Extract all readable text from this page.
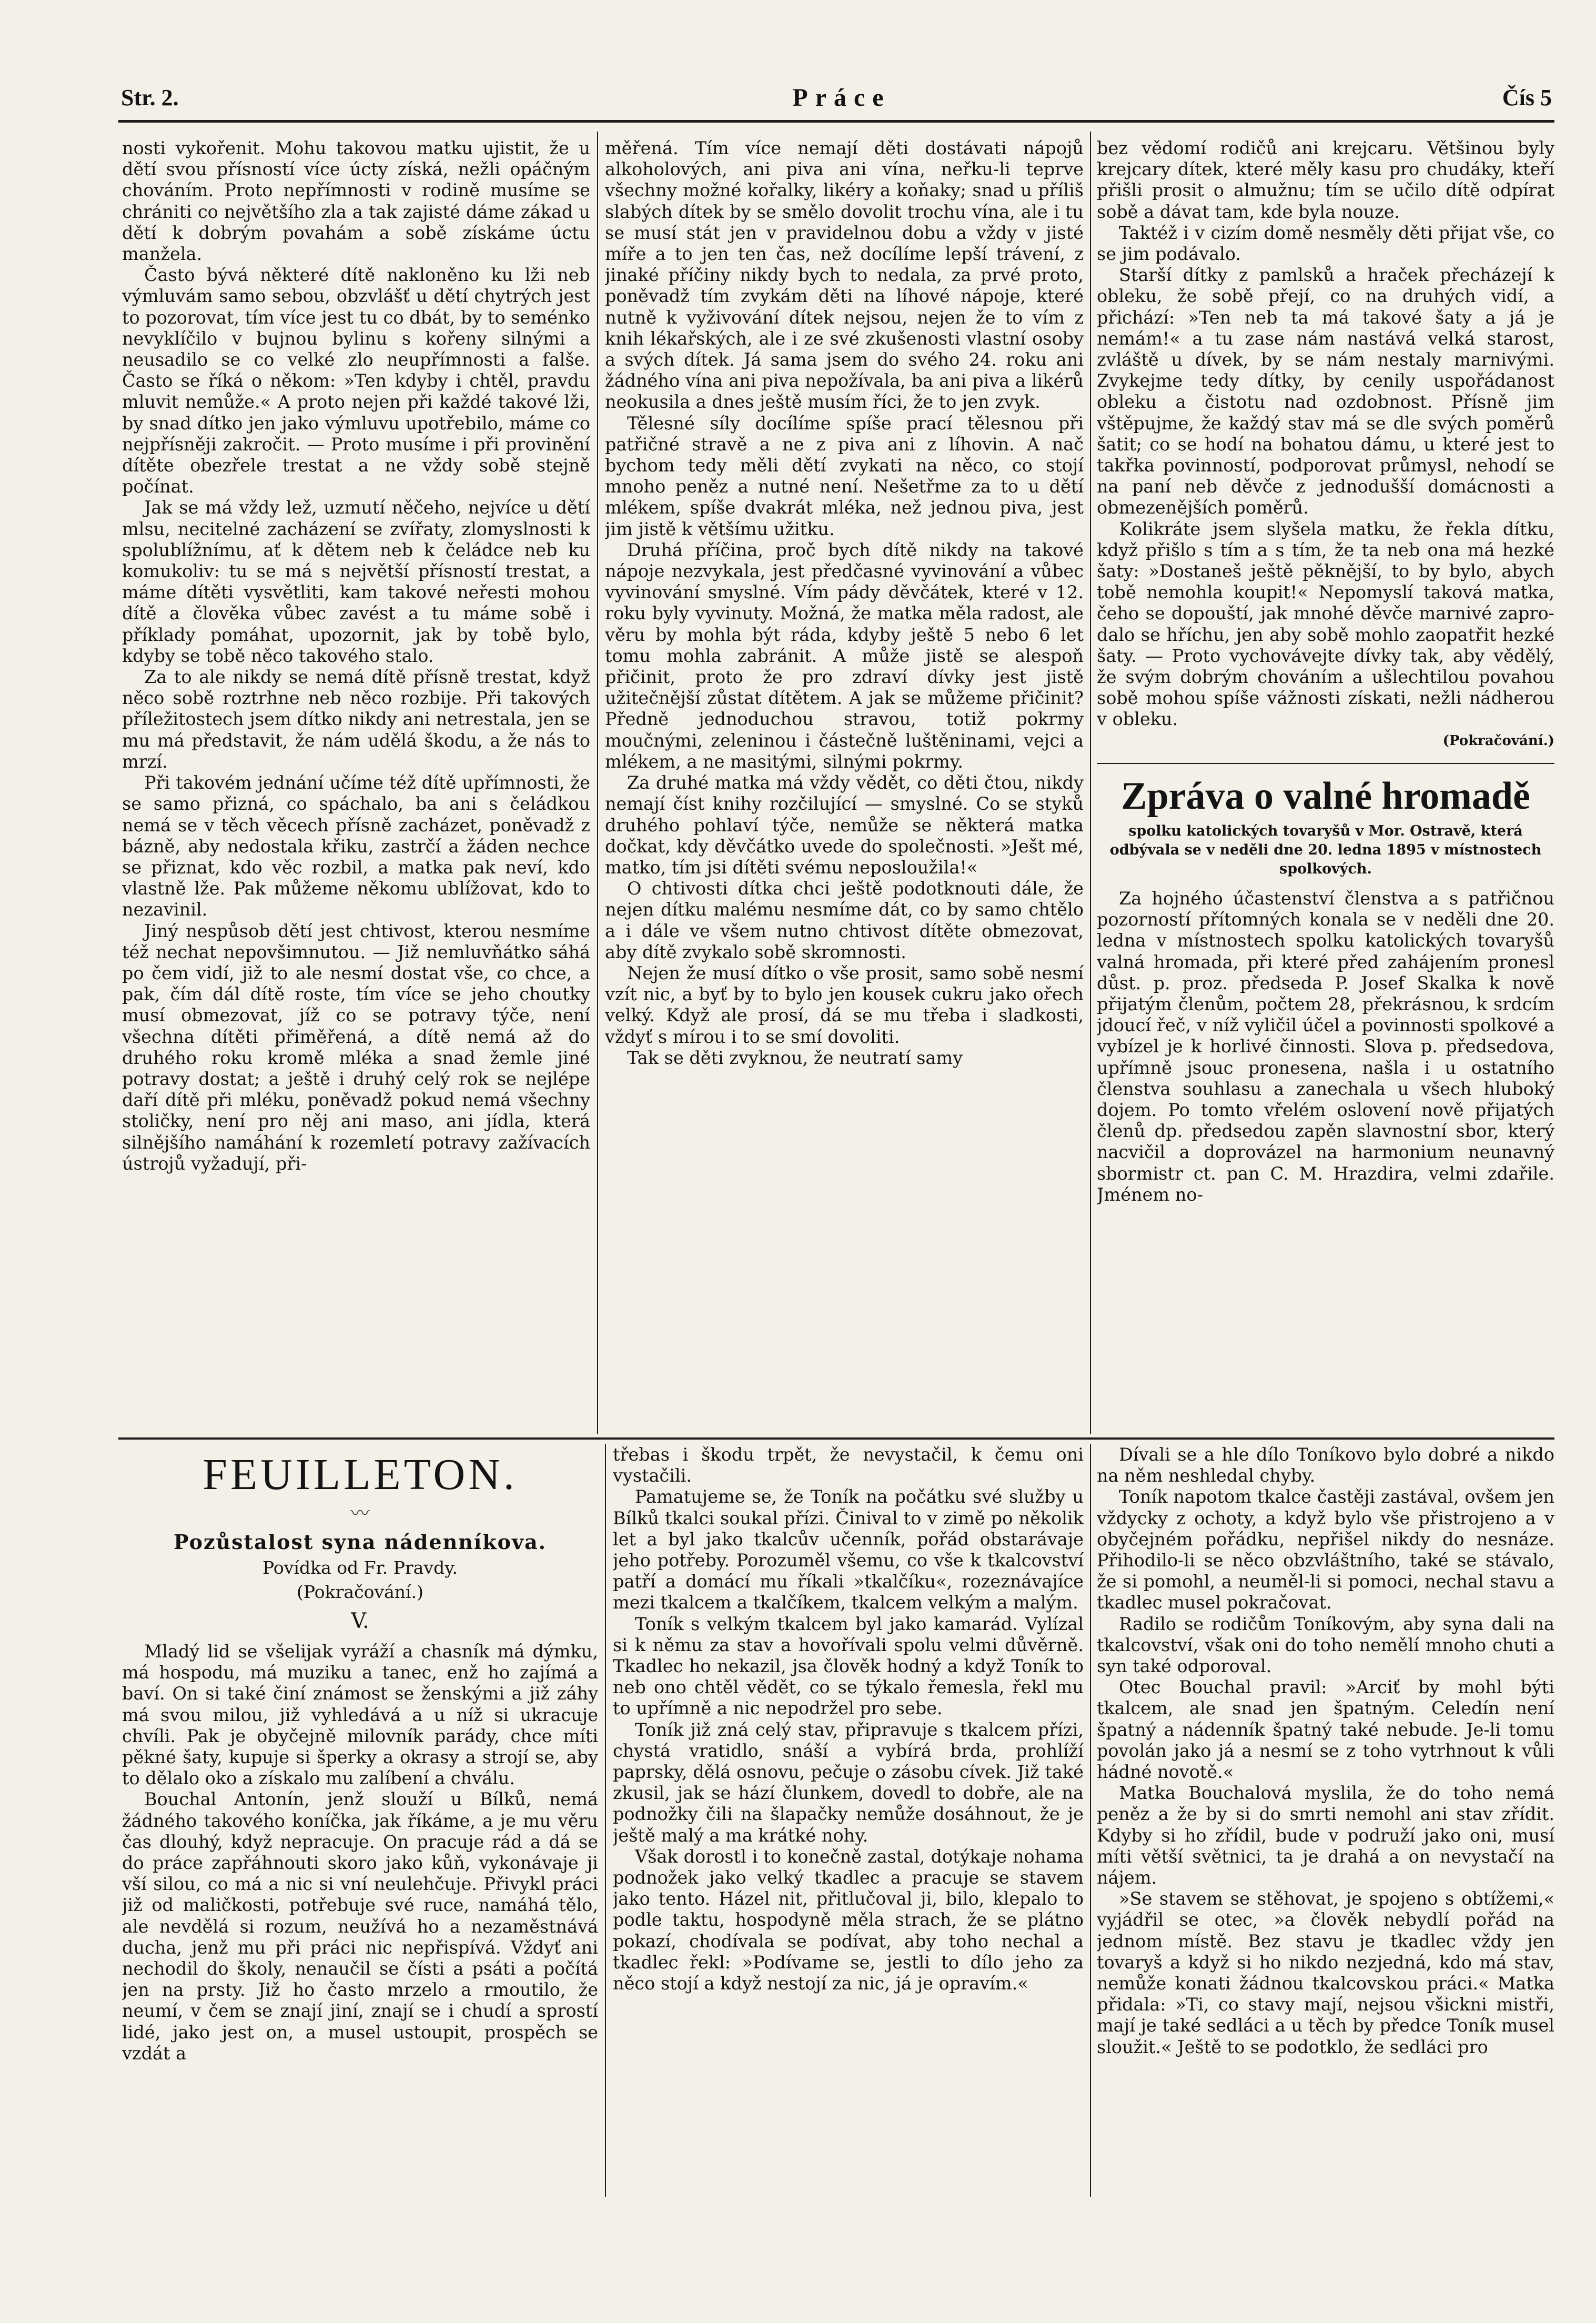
Str. 2.	Práce	Čís 5

nosti vykořenit. Mohu takovou matku ujistit, že u dětí svou přísností více úcty získá, nežli opáčným chováním. Proto nepřímnosti v rodině musíme se chrániti co největšího zla a tak zajisté dáme zákad u dětí k dobrým povahám a sobě získáme úctu manžela.

Často bývá některé dítě nakloněno ku lži neb výmluvám samo sebou, obzvlášť u dětí chytrých jest to pozorovat, tím více jest tu co dbát, by to seménko nevyklíčilo v bujnou bylinu s kořeny silnými a neusadilo se co velké zlo neupřímnosti a falše. Často se říká o někom: »Ten kdyby i chtěl, pravdu mluvit nemůže.« A proto nejen při každé takové lži, by snad dítko jen jako výmluvu upotřebilo, máme co nejpřísněji zakročit. — Proto musíme i při provinění dítěte obezřele trestat a ne vždy sobě stejně počínat.

Jak se má vždy lež, uzmutí něčeho, nejvíce u dětí mlsu, necitelné zacházení se zvířaty, zlomyslnosti k spolublížnímu, ať k dětem neb k čeládce neb ku komukoliv: tu se má s největší přísností trestat, a máme dítěti vysvětliti, kam takové neřesti mohou dítě a člověka vůbec zavést a tu máme sobě i příklady pomáhat, upozornit, jak by tobě bylo, kdyby se tobě něco takového stalo.

Za to ale nikdy se nemá dítě přísně trestat, když něco sobě roztrhne neb něco rozbije. Při takových příležitostech jsem dítko nikdy ani netrestala, jen se mu má představit, že nám udělá škodu, a že nás to mrzí.

Při takovém jednání učíme též dítě upřímnosti, že se samo přizná, co spáchalo, ba ani s čeládkou nemá se v těch věcech přísně zacházet, poněvadž z bázně, aby nedostala křiku, zastrčí a žáden nechce se přiznat, kdo věc rozbil, a matka pak neví, kdo vlastně lže. Pak můžeme někomu ublížovat, kdo to nezavinil.

Jiný nespůsob dětí jest chtivost, kterou nesmíme též nechat nepovšimnutou. — Již nemluvňátko sáhá po čem vidí, již to ale nesmí dostat vše, co chce, a pak, čím dál dítě roste, tím více se jeho choutky musí obmezovat, jíž co se potravy týče, není všechna dítěti přiměřená, a dítě nemá až do druhého roku kromě mléka a snad žemle jiné potravy dostat; a ještě i druhý celý rok se nejlépe daří dítě při mléku, poněvadž pokud nemá všechny stoličky, není pro něj ani maso, ani jídla, která silnějšího namáhání k rozemletí potravy zažívacích ústrojů vyžadují, při-

měřená. Tím více nemají děti dostávati nápojů alkoholových, ani piva ani vína, neřku-li teprve všechny možné kořalky, likéry a koňaky; snad u příliš slabých dítek by se smělo dovolit trochu vína, ale i tu se musí stát jen v pravidelnou dobu a vždy v jisté míře a to jen ten čas, než docílíme lepší trávení, z jinaké příčiny nikdy bych to nedala, za prvé proto, poněvadž tím zvykám děti na líhové nápoje, které nutně k vyživování dítek nejsou, nejen že to vím z knih lékařských, ale i ze své zkušenosti vlastní osoby a svých dítek. Já sama jsem do svého 24. roku ani žádného vína ani piva nepožívala, ba ani piva a likérů neokusila a dnes ještě musím říci, že to jen zvyk.

Tělesné síly docílíme spíše prací tělesnou při patřičné stravě a ne z piva ani z líhovin. A nač bychom tedy měli dětí zvykati na něco, co stojí mnoho peněz a nutné není. Nešetřme za to u dětí mlékem, spíše dvakrát mléka, než jednou piva, jest jim jistě k většímu užitku.

Druhá příčina, proč bych dítě nikdy na takové nápoje nezvykala, jest předčasné vyvinování a vůbec vyvinování smyslné. Vím pády děvčátek, které v 12. roku byly vyvinuty. Možná, že matka měla radost, ale věru by mohla být ráda, kdyby ještě 5 nebo 6 let tomu mohla zabránit. A může jistě se alespoň přičinit, proto že pro zdraví dívky jest jistě užitečnější zůstat dítětem. A jak se můžeme přičinit? Předně jednoduchou stravou, totiž pokrmy moučnými, zeleninou i částečně luštěninami, vejci a mlékem, a ne masitými, silnými pokrmy.

Za druhé matka má vždy vědět, co děti čtou, nikdy nemají číst knihy rozčilující — smyslné. Co se styků druhého pohlaví týče, nemůže se některá matka dočkat, kdy děvčátko uvede do společnosti. »Ješt mé, matko, tím jsi dítěti svému neposloužila!«

O chtivosti dítka chci ještě podotknouti dále, že nejen dítku malému nesmíme dát, co by samo chtělo a i dále ve všem nutno chtivost dítěte obmezovat, aby dítě zvykalo sobě skromnosti.

Nejen že musí dítko o vše prosit, samo sobě nesmí vzít nic, a byť by to bylo jen kousek cukru jako ořech velký. Když ale prosí, dá se mu třeba i sladkosti, vždyť s mírou i to se smí dovoliti.

Tak se děti zvyknou, že neutratí samy

bez vědomí rodičů ani krejcaru. Většinou byly krejcary dítek, které měly kasu pro chudáky, kteří přišli prosit o almužnu; tím se učilo dítě odpírat sobě a dávat tam, kde byla nouze.

Taktéž i v cizím domě nesměly děti přijat vše, co se jim podávalo.

Starší dítky z pamlsků a hraček přecházejí k obleku, že sobě přejí, co na druhých vidí, a přichází: »Ten neb ta má takové šaty a já je nemám!« a tu zase nám nastává velká starost, zvláště u dívek, by se nám nestaly marnivými. Zvykejme tedy dítky, by cenily uspořádanost obleku a čistotu nad ozdobnost. Přísně jim vštěpujme, že každý stav má se dle svých poměrů šatit; co se hodí na bohatou dámu, u které jest to takřka povinností, podporovat průmysl, nehodí se na paní neb děvče z jednodušší domácnosti a obmezenějších poměrů.

Kolikráte jsem slyšela matku, že řekla dítku, když přišlo s tím a s tím, že ta neb ona má hezké šaty: »Dostaneš ještě pěknější, to by bylo, abych tobě nemohla koupit!« Nepomyslí taková matka, čeho se dopouští, jak mnohé děvče marnivé zaprodalo se hříchu, jen aby sobě mohlo zaopatřit hezké šaty. — Proto vychovávejte dívky tak, aby vědělý, že svým dobrým chováním a ušlechtilou povahou sobě mohou spíše vážnosti získati, nežli nádherou v obleku.

(Pokračování.)
Zpráva o valné hromadě
spolku katolických tovaryšů v Mor. Ostravě, která odbývala se v neděli dne 20. ledna 1895 v místnostech spolkových.

Za hojného účastenství členstva a s patřičnou pozorností přítomných konala se v neděli dne 20. ledna v místnostech spolku katolických tovaryšů valná hromada, při které před zahájením pronesl důst. p. proz. předseda P. Josef Skalka k nově přijatým členům, počtem 28, překrásnou, k srdcím jdoucí řeč, v níž vyličil účel a povinnosti spolkové a vybízel je k horlivé činnosti. Slova p. předsedova, upřímně jsouc pronesena, našla i u ostatního členstva souhlasu a zanechala u všech hluboký dojem. Po tomto vřelém oslovení nově přijatých členů dp. předsedou zapěn slavnostní sbor, který nacvičil a doprovázel na harmonium neunavný sbormistr ct. pan C. M. Hrazdira, velmi zdařile. Jménem no-

FEUILLETON.
〰
Pozůstalost syna nádenníkova.
Povídka od Fr. Pravdy.
(Pokračování.)
V.

Mladý lid se všelijak vyráží a chasník má dýmku, má hospodu, má muziku a tanec, enž ho zajímá a baví. On si také činí známost se ženskými a již záhy má svou milou, již vyhledává a u níž si ukracuje chvíli. Pak je obyčejně milovník parády, chce míti pěkné šaty, kupuje si šperky a okrasy a strojí se, aby to dělalo oko a získalo mu zalíbení a chválu.

Bouchal Antonín, jenž slouží u Bílků, nemá žádného takového koníčka, jak říkáme, a je mu věru čas dlouhý, když nepracuje. On pracuje rád a dá se do práce zapřáhnouti skoro jako kůň, vykonávaje ji vší silou, co má a nic si vní neulehčuje. Přivykl práci již od maličkosti, potřebuje své ruce, namáhá tělo, ale nevdělá si rozum, neužívá ho a nezaměstnává ducha, jenž mu při práci nic nepřispívá. Vždyť ani nechodil do školy, nenaučil se čísti a psáti a počítá jen na prsty. Již ho často mrzelo a rmoutilo, že neumí, v čem se znají jiní, znají se i chudí a sprostí lidé, jako jest on, a musel ustoupit, prospěch se vzdát a

třebas i škodu trpět, že nevystačil, k čemu oni vystačili.

Pamatujeme se, že Toník na počátku své služby u Bílků tkalci soukal přízi. Činival to v zimě po několik let a byl jako tkalcův učenník, pořád obstarávaje jeho potřeby. Porozuměl všemu, co vše k tkalcovství patří a domácí mu říkali »tkalčíku«, rozeznávajíce mezi tkalcem a tkalčíkem, tkalcem velkým a malým.

Toník s velkým tkalcem byl jako kamarád. Vylízal si k němu za stav a hovořívali spolu velmi důvěrně. Tkadlec ho nekazil, jsa člověk hodný a když Toník to neb ono chtěl vědět, co se týkalo řemesla, řekl mu to upřímně a nic nepodržel pro sebe.

Toník již zná celý stav, připravuje s tkalcem přízi, chystá vratidlo, snáší a vybírá brda, prohlíží paprsky, dělá osnovu, pečuje o zásobu cívek. Již také zkusil, jak se hází člunkem, dovedl to dobře, ale na podnožky čili na šlapačky nemůže dosáhnout, že je ještě malý a ma krátké nohy.

Však dorostl i to konečně zastal, dotýkaje nohama podnožek jako velký tkadlec a pracuje se stavem jako tento. Házel nit, přitlučoval ji, bilo, klepalo to podle taktu, hospodyně měla strach, že se plátno pokazí, chodívala se podívat, aby toho nechal a tkadlec řekl: »Podívame se, jestli to dílo jeho za něco stojí a když nestojí za nic, já je opravím.«

Dívali se a hle dílo Toníkovo bylo dobré a nikdo na něm neshledal chyby.

Toník napotom tkalce častěji zastával, ovšem jen vždycky z ochoty, a když bylo vše přistrojeno a v obyčejném pořádku, nepřišel nikdy do nesnáze. Přihodilo-li se něco obzvláštního, také se stávalo, že si pomohl, a neuměl-li si pomoci, nechal stavu a tkadlec musel pokračovat.

Radilo se rodičům Toníkovým, aby syna dali na tkalcovství, však oni do toho nemělí mnoho chuti a syn také odporoval.

Otec Bouchal pravil: »Arciť by mohl býti tkalcem, ale snad jen špatným. Celedín není špatný a nádenník špatný také nebude. Je-li tomu povolán jako já a nesmí se z toho vytrhnout k vůli hádné novotě.«

Matka Bouchalová myslila, že do toho nemá peněz a že by si do smrti nemohl ani stav zřídit. Kdyby si ho zřídil, bude v podruží jako oni, musí míti větší světnici, ta je drahá a on nevystačí na nájem.

»Se stavem se stěhovat, je spojeno s obtížemi,« vyjádřil se otec, »a člověk nebydlí pořád na jednom místě. Bez stavu je tkadlec vždy jen tovaryš a když si ho nikdo nezjedná, kdo má stav, nemůže konati žádnou tkalcovskou práci.« Matka přidala: »Ti, co stavy mají, nejsou všickni mistři, mají je také sedláci a u těch by předce Toník musel sloužit.« Ještě to se podotklo, že sedláci pro
